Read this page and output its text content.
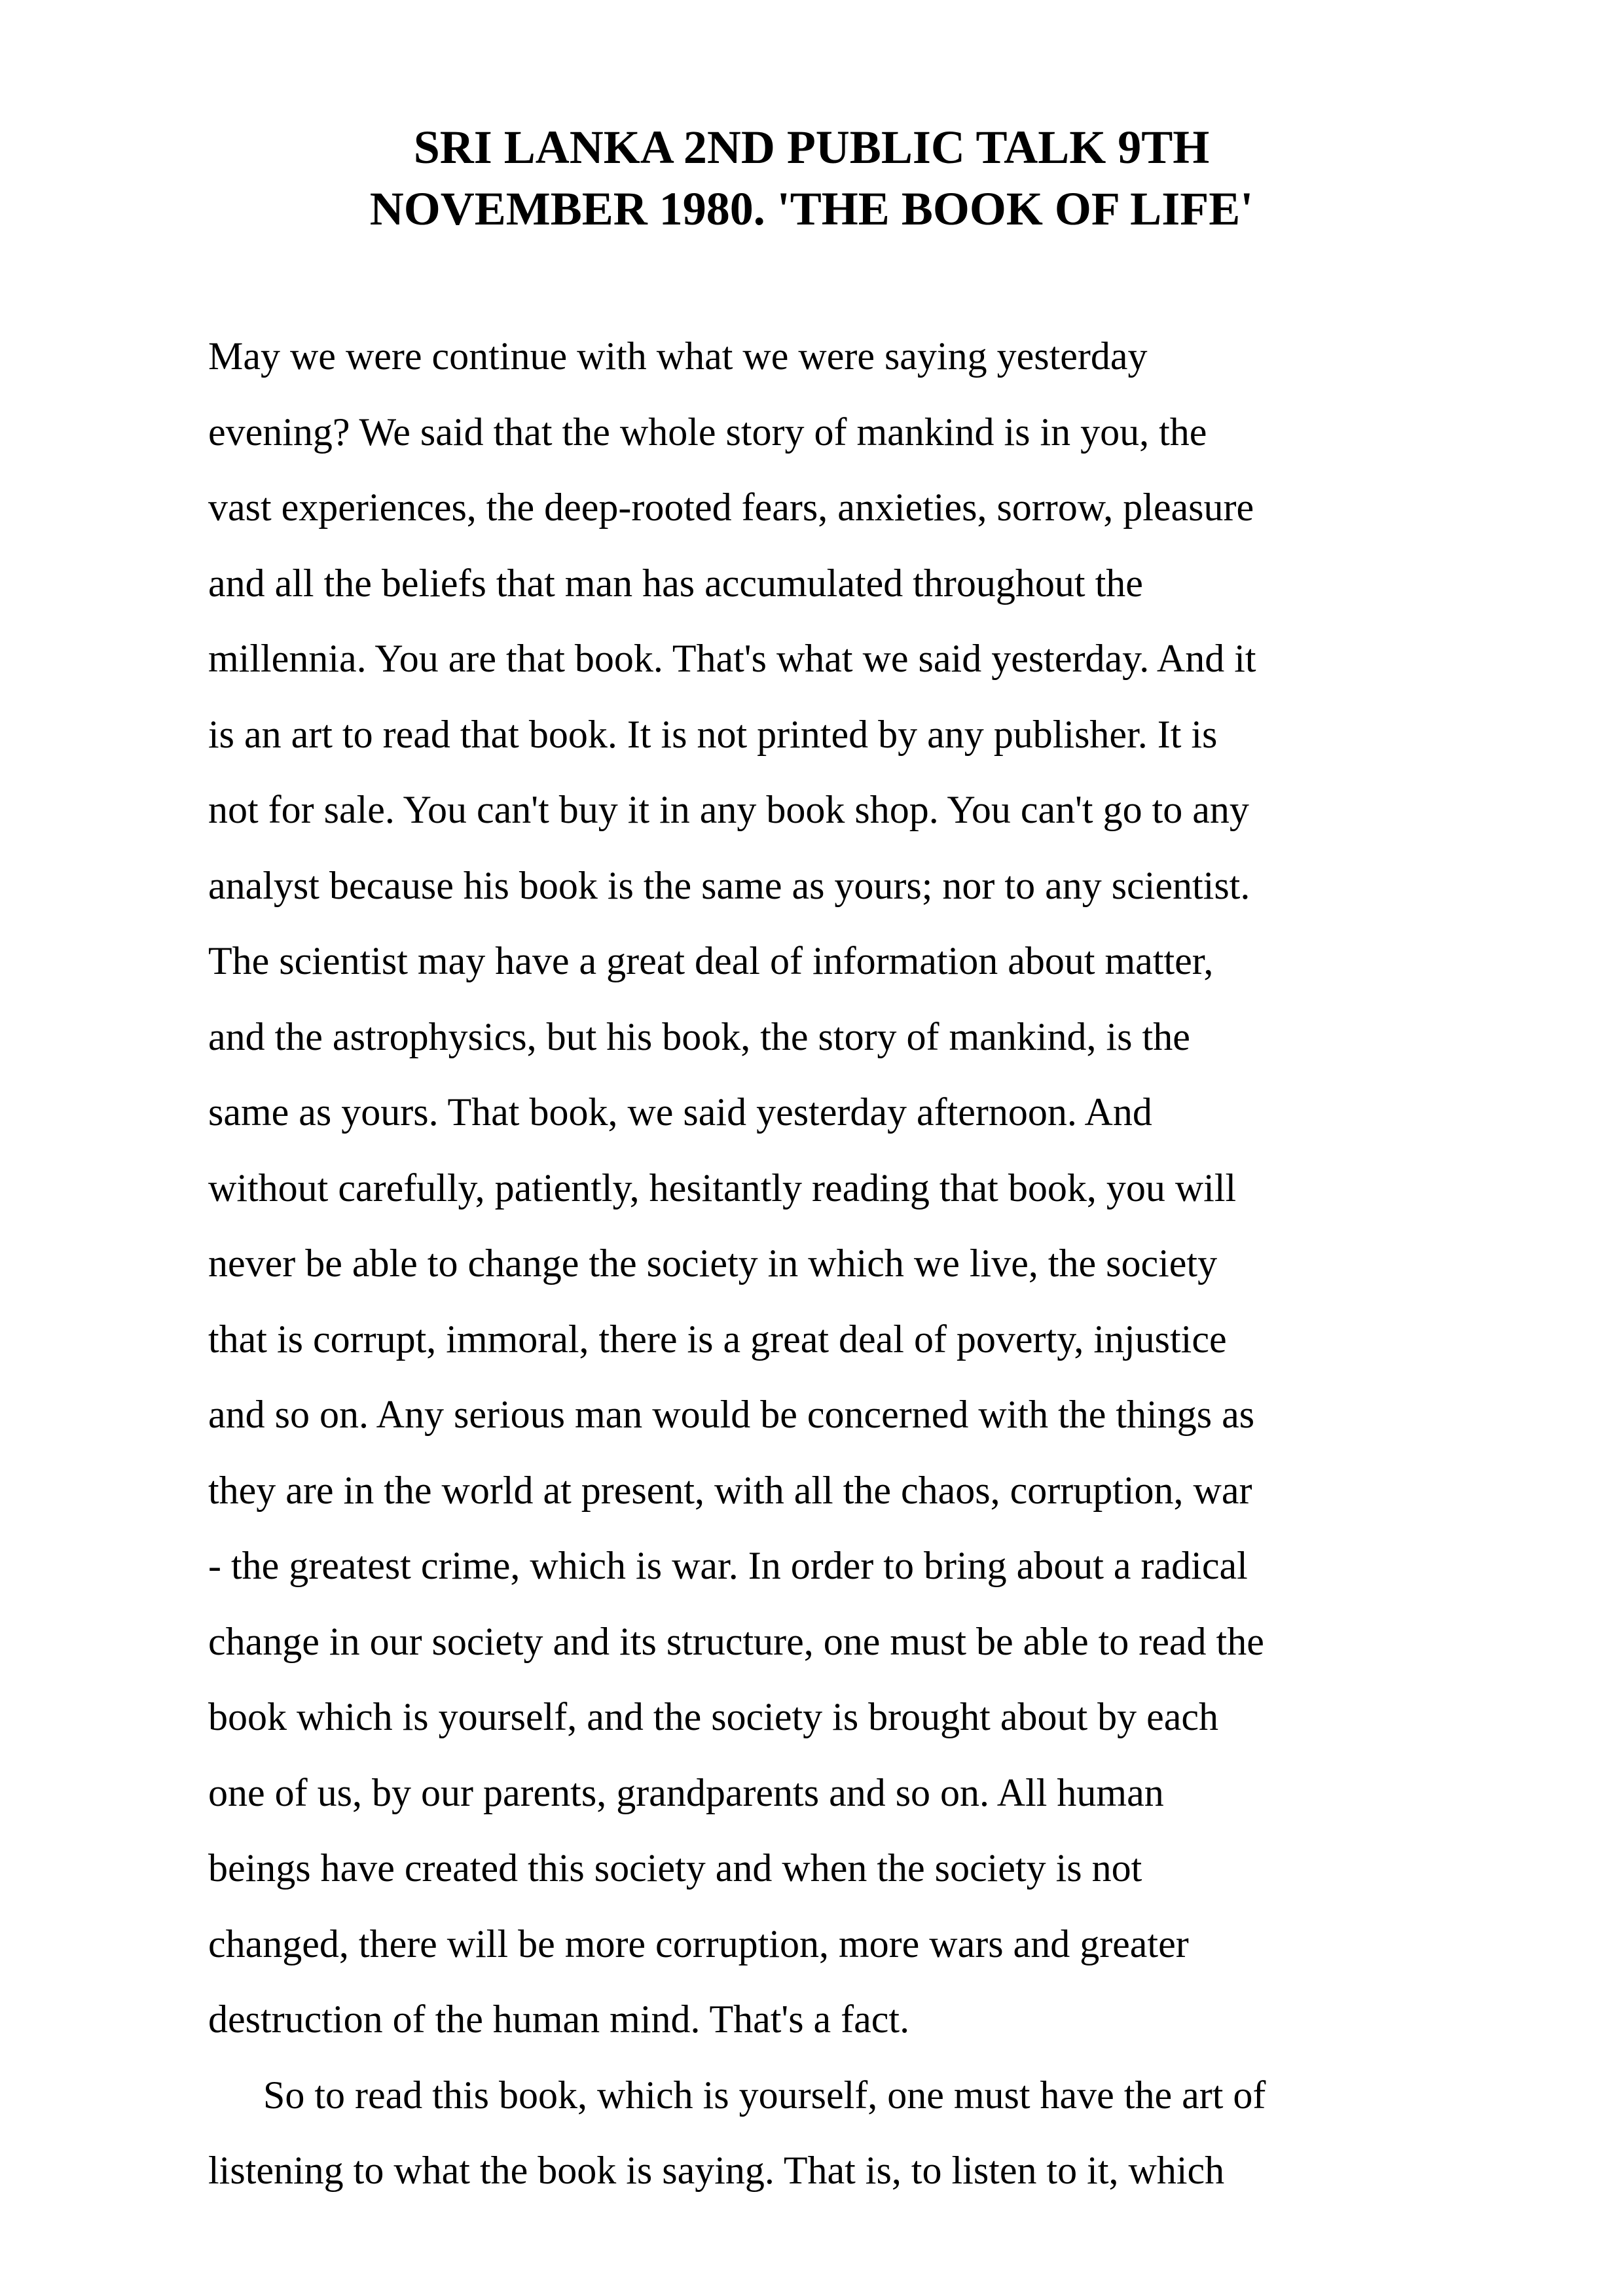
SRI LANKA 2ND PUBLIC TALK 9TH
NOVEMBER 1980. 'THE BOOK OF LIFE'
May we were continue with what we were saying yesterday
evening? We said that the whole story of mankind is in you, the
vast experiences, the deep-rooted fears, anxieties, sorrow, pleasure
and all the beliefs that man has accumulated throughout the
millennia. You are that book. That's what we said yesterday. And it
is an art to read that book. It is not printed by any publisher. It is
not for sale. You can't buy it in any book shop. You can't go to any
analyst because his book is the same as yours; nor to any scientist.
The scientist may have a great deal of information about matter,
and the astrophysics, but his book, the story of mankind, is the
same as yours. That book, we said yesterday afternoon. And
without carefully, patiently, hesitantly reading that book, you will
never be able to change the society in which we live, the society
that is corrupt, immoral, there is a great deal of poverty, injustice
and so on. Any serious man would be concerned with the things as
they are in the world at present, with all the chaos, corruption, war
- the greatest crime, which is war. In order to bring about a radical
change in our society and its structure, one must be able to read the
book which is yourself, and the society is brought about by each
one of us, by our parents, grandparents and so on. All human
beings have created this society and when the society is not
changed, there will be more corruption, more wars and greater
destruction of the human mind. That's a fact.
So to read this book, which is yourself, one must have the art of
listening to what the book is saying. That is, to listen to it, which
